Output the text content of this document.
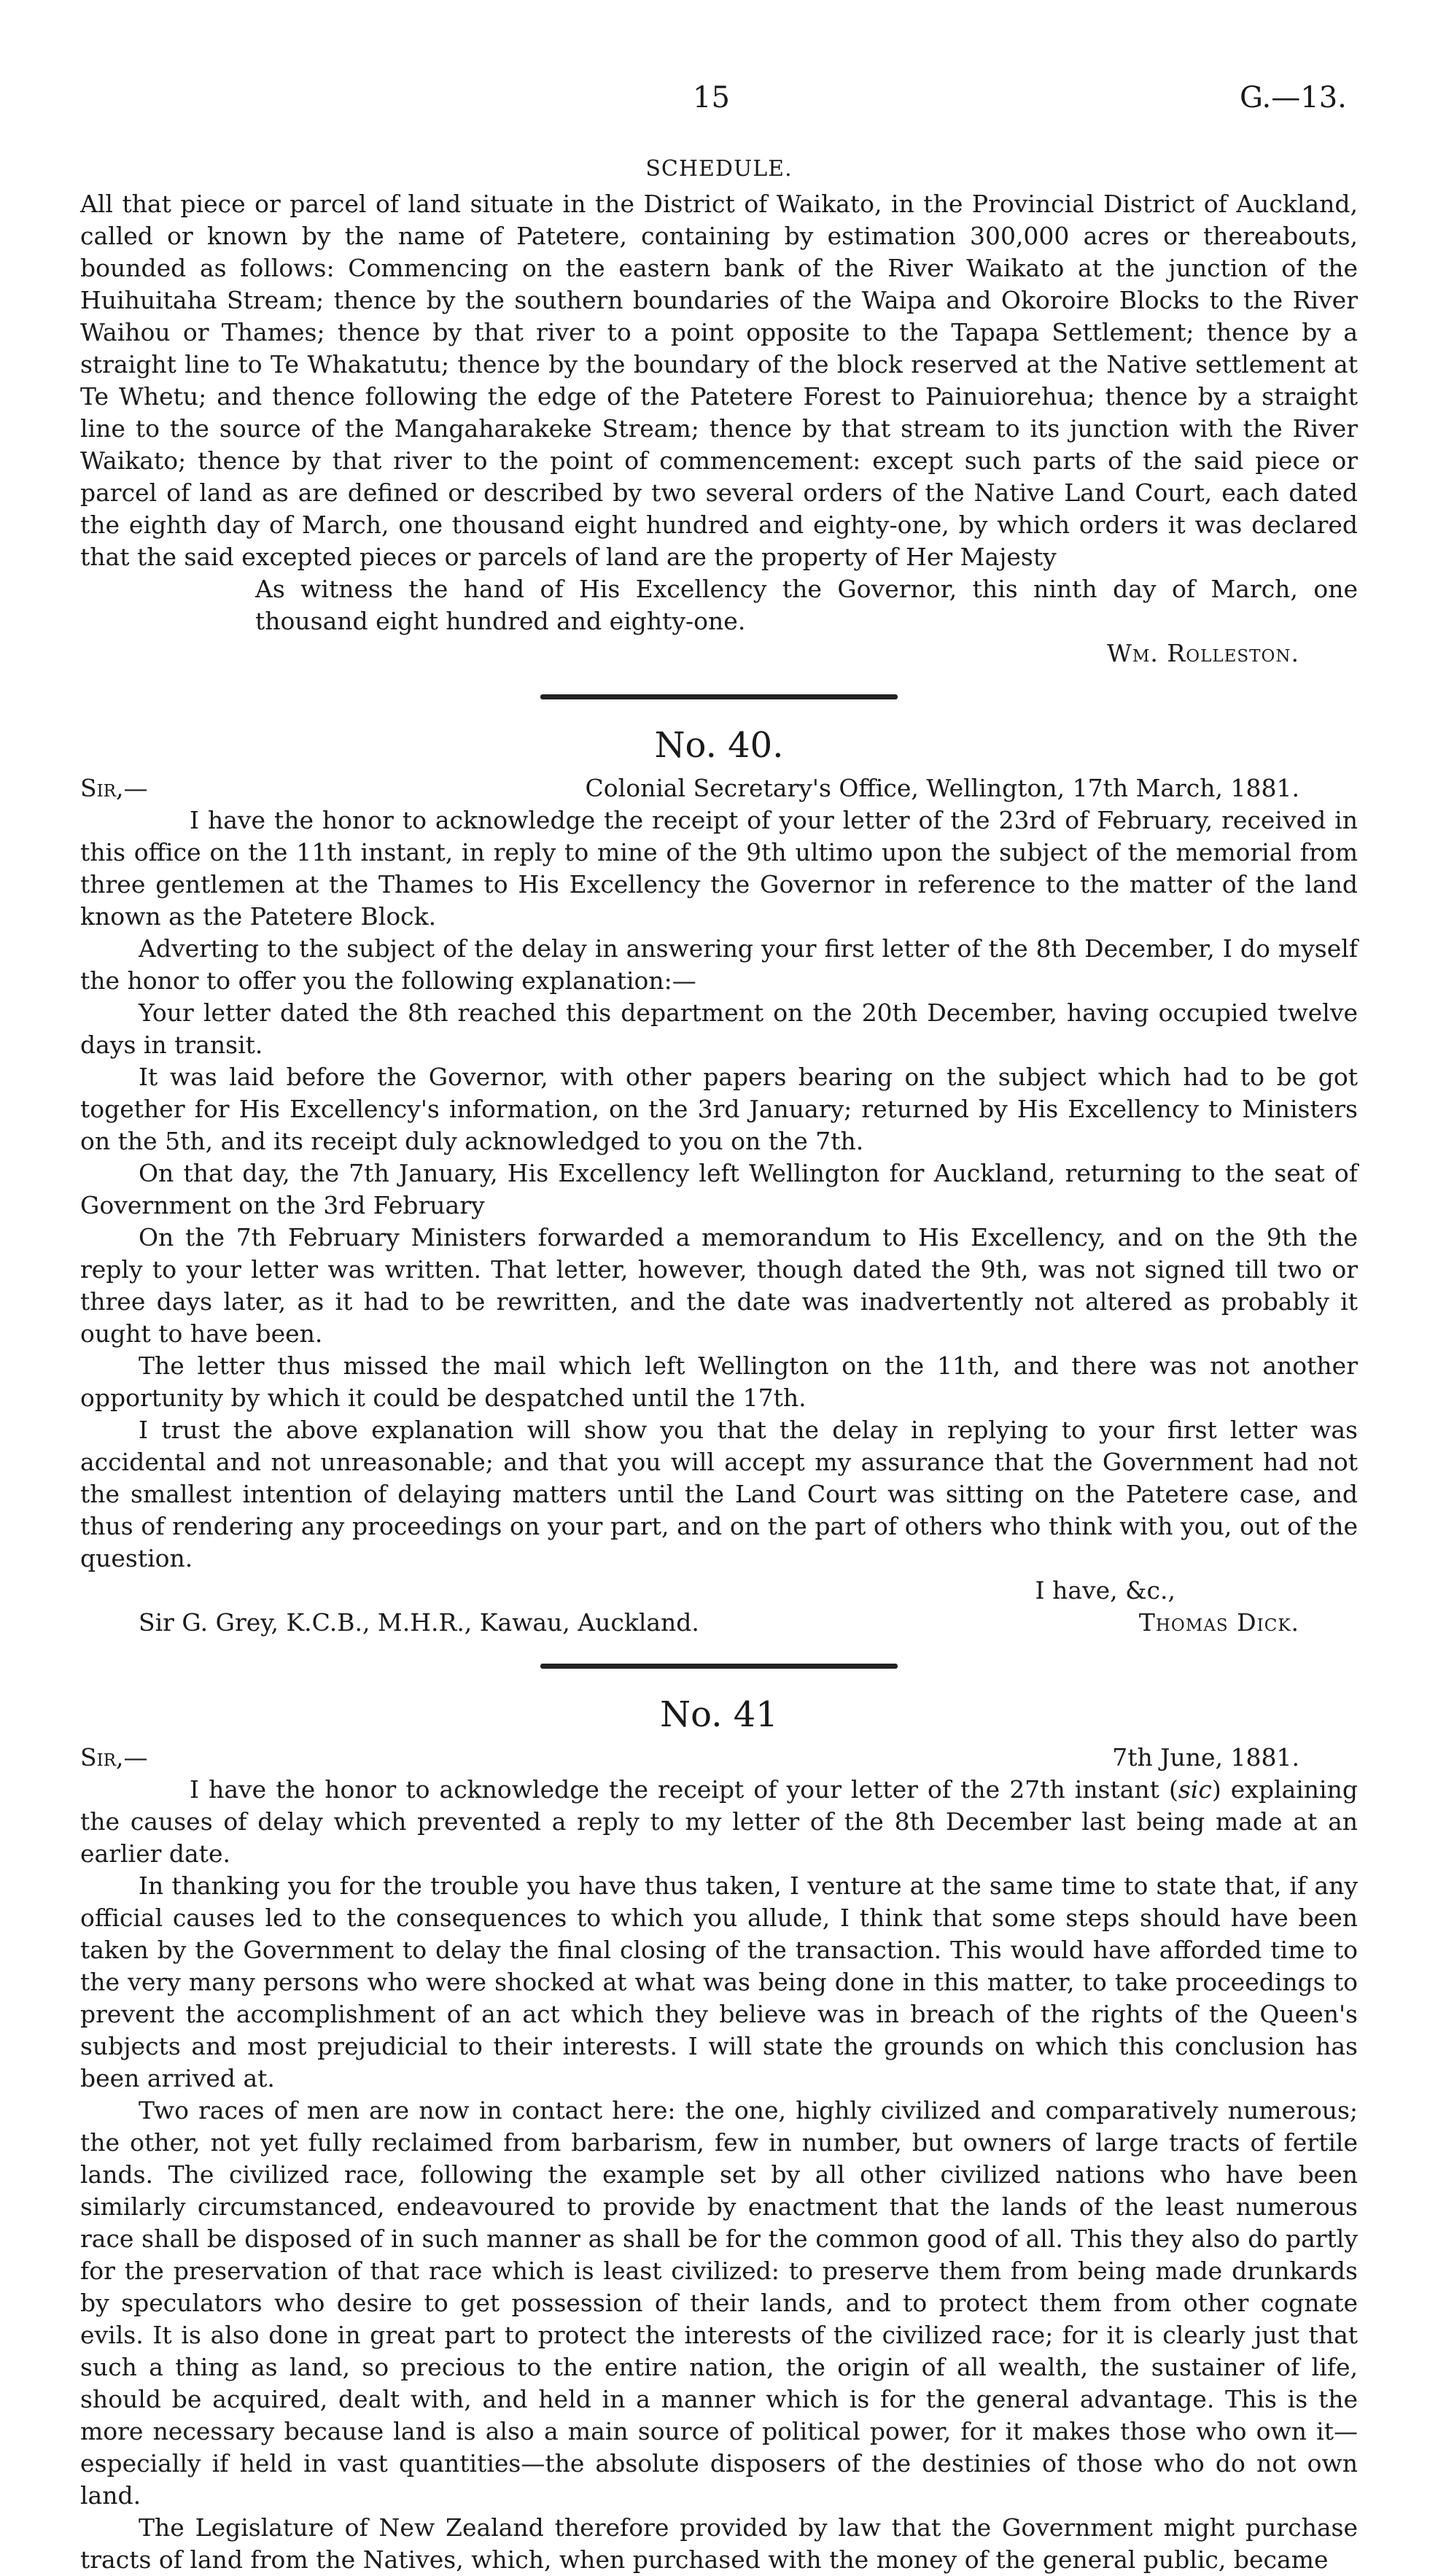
15	G.—13.
SCHEDULE.

All that piece or parcel of land situate in the District of Waikato, in the Provincial District of Auckland, called or known by the name of Patetere, containing by estimation 300,000 acres or thereabouts, bounded as follows: Commencing on the eastern bank of the River Waikato at the junction of the Huihuitaha Stream; thence by the southern boundaries of the Waipa and Okoroire Blocks to the River Waihou or Thames; thence by that river to a point opposite to the Tapapa Settlement; thence by a straight line to Te Whakatutu; thence by the boundary of the block reserved at the Native settlement at Te Whetu; and thence following the edge of the Patetere Forest to Painuiorehua; thence by a straight line to the source of the Mangaharakeke Stream; thence by that stream to its junction with the River Waikato; thence by that river to the point of commencement: except such parts of the said piece or parcel of land as are defined or described by two several orders of the Native Land Court, each dated the eighth day of March, one thousand eight hundred and eighty-one, by which orders it was declared that the said excepted pieces or parcels of land are the property of Her Majesty

As witness the hand of His Excellency the Governor, this ninth day of March, one thousand eight hundred and eighty-one.

Wm. Rolleston.
No. 40.
Sir,—	Colonial Secretary's Office, Wellington, 17th March, 1881.

I have the honor to acknowledge the receipt of your letter of the 23rd of February, received in this office on the 11th instant, in reply to mine of the 9th ultimo upon the subject of the memorial from three gentlemen at the Thames to His Excellency the Governor in reference to the matter of the land known as the Patetere Block.

Adverting to the subject of the delay in answering your first letter of the 8th December, I do myself the honor to offer you the following explanation:—

Your letter dated the 8th reached this department on the 20th December, having occupied twelve days in transit.

It was laid before the Governor, with other papers bearing on the subject which had to be got together for His Excellency's information, on the 3rd January; returned by His Excellency to Ministers on the 5th, and its receipt duly acknowledged to you on the 7th.

On that day, the 7th January, His Excellency left Wellington for Auckland, returning to the seat of Government on the 3rd February

On the 7th February Ministers forwarded a memorandum to His Excellency, and on the 9th the reply to your letter was written. That letter, however, though dated the 9th, was not signed till two or three days later, as it had to be rewritten, and the date was inadvertently not altered as probably it ought to have been.

The letter thus missed the mail which left Wellington on the 11th, and there was not another opportunity by which it could be despatched until the 17th.

I trust the above explanation will show you that the delay in replying to your first letter was accidental and not unreasonable; and that you will accept my assurance that the Government had not the smallest intention of delaying matters until the Land Court was sitting on the Patetere case, and thus of rendering any proceedings on your part, and on the part of others who think with you, out of the question.

I have, &c.,
Sir G. Grey, K.C.B., M.H.R., Kawau, Auckland.	Thomas Dick.
No. 41
Sir,—	7th June, 1881.

I have the honor to acknowledge the receipt of your letter of the 27th instant (sic) explaining the causes of delay which prevented a reply to my letter of the 8th December last being made at an earlier date.

In thanking you for the trouble you have thus taken, I venture at the same time to state that, if any official causes led to the consequences to which you allude, I think that some steps should have been taken by the Government to delay the final closing of the transaction. This would have afforded time to the very many persons who were shocked at what was being done in this matter, to take proceedings to prevent the accomplishment of an act which they believe was in breach of the rights of the Queen's subjects and most prejudicial to their interests. I will state the grounds on which this conclusion has been arrived at.

Two races of men are now in contact here: the one, highly civilized and comparatively numerous; the other, not yet fully reclaimed from barbarism, few in number, but owners of large tracts of fertile lands. The civilized race, following the example set by all other civilized nations who have been similarly circumstanced, endeavoured to provide by enactment that the lands of the least numerous race shall be disposed of in such manner as shall be for the common good of all. This they also do partly for the preservation of that race which is least civilized: to preserve them from being made drunkards by speculators who desire to get possession of their lands, and to protect them from other cognate evils. It is also done in great part to protect the interests of the civilized race; for it is clearly just that such a thing as land, so precious to the entire nation, the origin of all wealth, the sustainer of life, should be acquired, dealt with, and held in a manner which is for the general advantage. This is the more necessary because land is also a main source of political power, for it makes those who own it—especially if held in vast quantities—the absolute disposers of the destinies of those who do not own land.

The Legislature of New Zealand therefore provided by law that the Government might purchase tracts of land from the Natives, which, when purchased with the money of the general public, became
